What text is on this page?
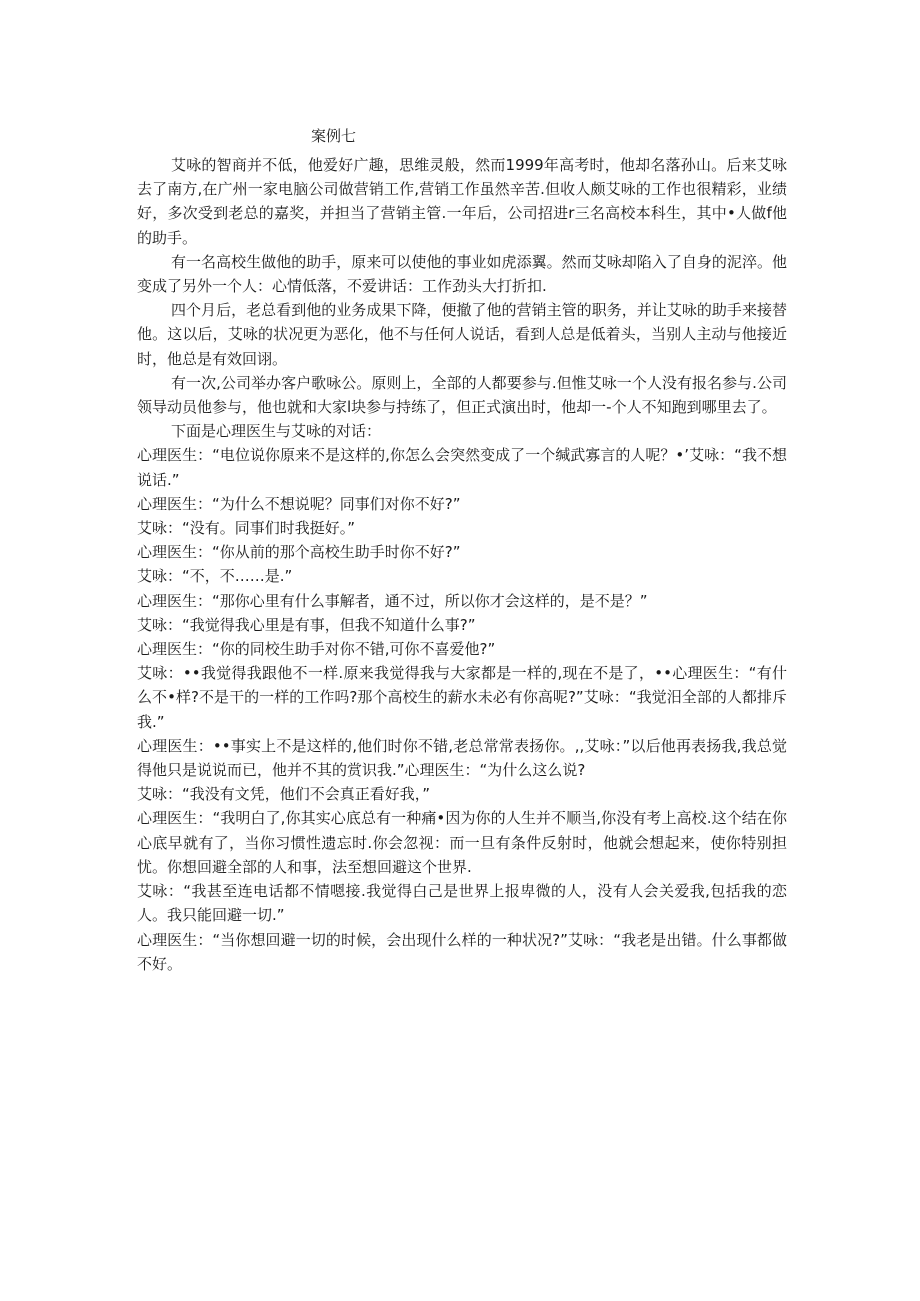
案例七

艾咏的智商并不低，他爱好广趣，思维灵般，然而1999年高考时，他却名落孙山。后来艾咏去了南方,在广州一家电脑公司做营销工作,营销工作虽然辛苦.但收人颇艾咏的工作也很精彩，业绩好，多次受到老总的嘉奖，并担当了营销主管.一年后，公司招进r三名高校本科生，其中•人做f他的助手。

有一名高校生做他的助手，原来可以使他的事业如虎添翼。然而艾咏却陷入了自身的泥淬。他变成了另外一个人：心情低落，不爱讲话：工作劲头大打折扣.

四个月后，老总看到他的业务成果下降，便撤了他的营销主管的职务，并让艾咏的助手来接替他。这以后，艾咏的状况更为恶化，他不与任何人说话，看到人总是低着头，当别人主动与他接近时，他总是有效回诩。

有一次,公司举办客户歌咏公。原则上，全部的人都要参与.但惟艾咏一个人没有报名参与.公司领导动员他参与，他也就和大家l块参与持练了，但正式演出时，他却一-个人不知跑到哪里去了。

下面是心理医生与艾咏的对话：

心理医生：“电位说你原来不是这样的,你怎么会突然变成了一个缄武寡言的人呢？•’艾咏：“我不想说话.”

心理医生：“为什么不想说呢？同事们对你不好?”

艾咏：“没有。同事们时我挺好。”

心理医生：“你从前的那个高校生助手时你不好?”

艾咏：“不，不……是.”

心理医生：“那你心里有什么事解者，通不过，所以你才会这样的，是不是？”

艾咏：“我觉得我心里是有事，但我不知道什么事?”

心理医生：“你的同校生助手对你不错,可你不喜爱他?”

艾咏：••我觉得我跟他不一样.原来我觉得我与大家都是一样的,现在不是了，••心理医生：“有什么不•样?不是干的一样的工作吗?那个高校生的薪水未必有你高呢?”艾咏：“我觉汨全部的人都排斥我.”

心理医生：••事实上不是这样的,他们时你不错,老总常常表扬你。,,艾咏：”以后他再表扬我,我总觉得他只是说说而已，他并不其的赏识我.”心理医生：“为什么这么说?

艾咏：“我没有文凭，他们不会真正看好我，”

心理医生：“我明白了,你其实心底总有一种痛•因为你的人生并不顺当,你没有考上高校.这个结在你心底早就有了，当你习惯性遗忘时.你会忽视：而一旦有条件反射时，他就会想起来，使你特别担忧。你想回避全部的人和事，法至想回避这个世界.

艾咏：“我甚至连电话都不情嗯接.我觉得白己是世界上报卑微的人，没有人会关爱我,包括我的恋人。我只能回避一切.”

心理医生：“当你想回避一切的时候，会出现什么样的一种状况?”艾咏：“我老是出错。什么事都做不好。
